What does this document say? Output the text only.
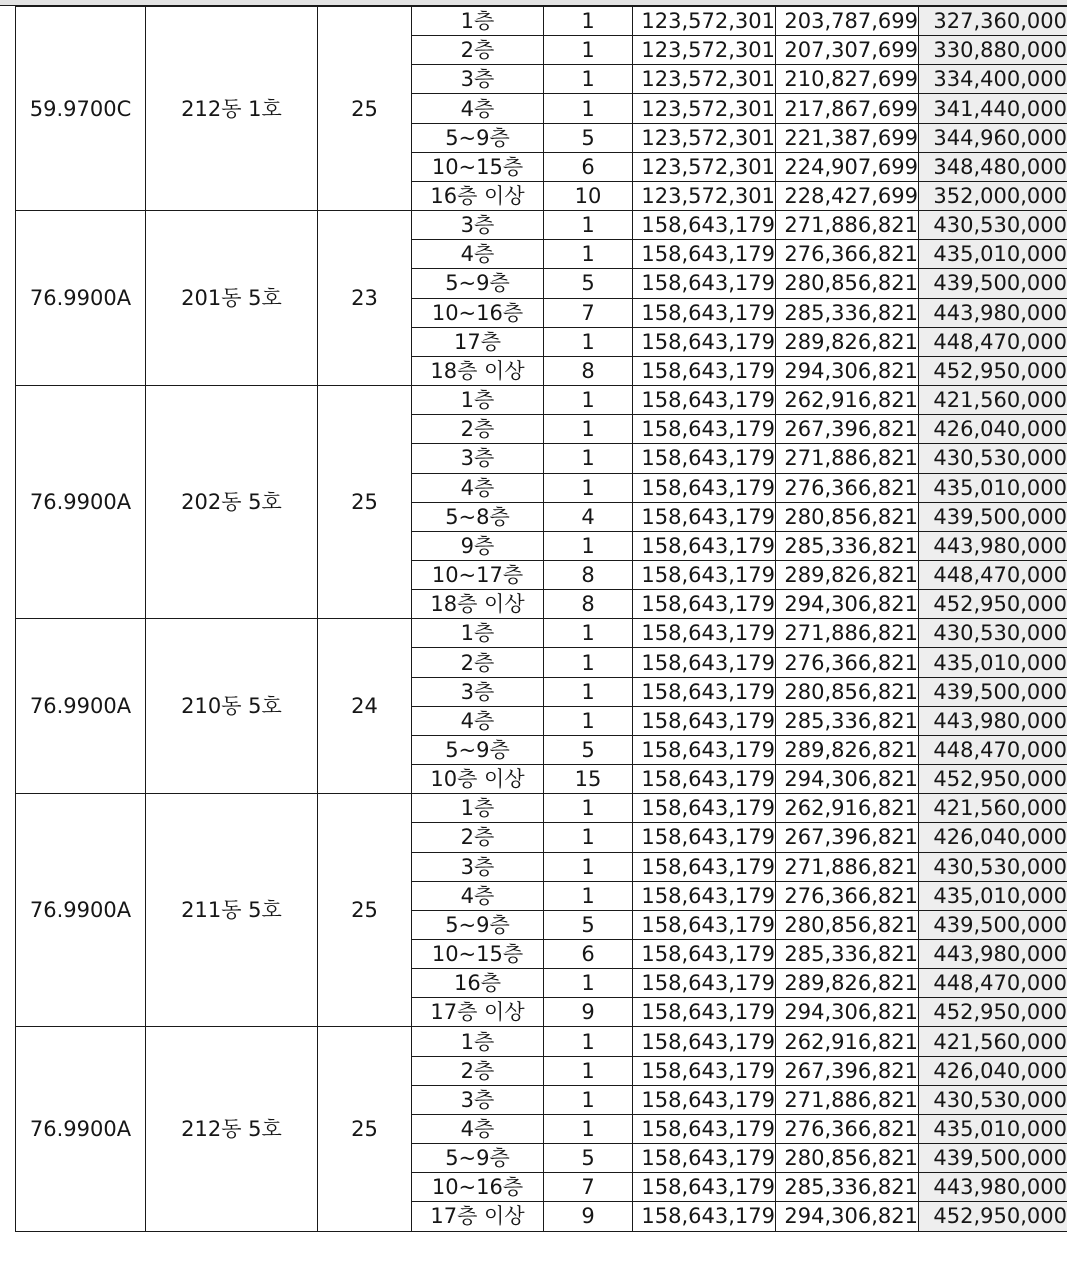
59.9700C	212동 1호	25	1층	1	123,572,301	203,787,699	327,360,000
			2층	1	123,572,301	207,307,699	330,880,000
			3층	1	123,572,301	210,827,699	334,400,000
			4층	1	123,572,301	217,867,699	341,440,000
			5~9층	5	123,572,301	221,387,699	344,960,000
			10~15층	6	123,572,301	224,907,699	348,480,000
			16층 이상	10	123,572,301	228,427,699	352,000,000
76.9900A	201동 5호	23	3층	1	158,643,179	271,886,821	430,530,000
			4층	1	158,643,179	276,366,821	435,010,000
			5~9층	5	158,643,179	280,856,821	439,500,000
			10~16층	7	158,643,179	285,336,821	443,980,000
			17층	1	158,643,179	289,826,821	448,470,000
			18층 이상	8	158,643,179	294,306,821	452,950,000
76.9900A	202동 5호	25	1층	1	158,643,179	262,916,821	421,560,000
			2층	1	158,643,179	267,396,821	426,040,000
			3층	1	158,643,179	271,886,821	430,530,000
			4층	1	158,643,179	276,366,821	435,010,000
			5~8층	4	158,643,179	280,856,821	439,500,000
			9층	1	158,643,179	285,336,821	443,980,000
			10~17층	8	158,643,179	289,826,821	448,470,000
			18층 이상	8	158,643,179	294,306,821	452,950,000
76.9900A	210동 5호	24	1층	1	158,643,179	271,886,821	430,530,000
			2층	1	158,643,179	276,366,821	435,010,000
			3층	1	158,643,179	280,856,821	439,500,000
			4층	1	158,643,179	285,336,821	443,980,000
			5~9층	5	158,643,179	289,826,821	448,470,000
			10층 이상	15	158,643,179	294,306,821	452,950,000
76.9900A	211동 5호	25	1층	1	158,643,179	262,916,821	421,560,000
			2층	1	158,643,179	267,396,821	426,040,000
			3층	1	158,643,179	271,886,821	430,530,000
			4층	1	158,643,179	276,366,821	435,010,000
			5~9층	5	158,643,179	280,856,821	439,500,000
			10~15층	6	158,643,179	285,336,821	443,980,000
			16층	1	158,643,179	289,826,821	448,470,000
			17층 이상	9	158,643,179	294,306,821	452,950,000
76.9900A	212동 5호	25	1층	1	158,643,179	262,916,821	421,560,000
			2층	1	158,643,179	267,396,821	426,040,000
			3층	1	158,643,179	271,886,821	430,530,000
			4층	1	158,643,179	276,366,821	435,010,000
			5~9층	5	158,643,179	280,856,821	439,500,000
			10~16층	7	158,643,179	285,336,821	443,980,000
			17층 이상	9	158,643,179	294,306,821	452,950,000
